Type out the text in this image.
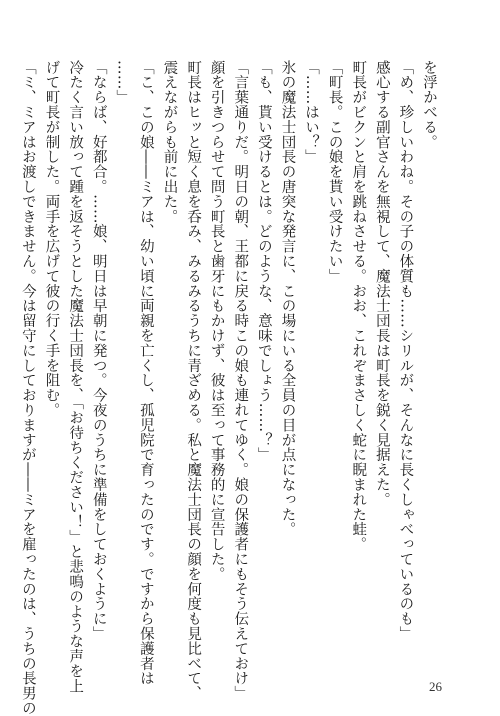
を浮かべる。
「め、珍しいわね。その子の体質も……シリルが、そんなに長くしゃべっているのも」
感心する副官さんを無視して、魔法士団長は町長を鋭く見据えた。
町長がビクンと肩を跳ねさせる。おお、これぞまさしく蛇に睨まれた蛙。
「町長。この娘を貰い受けたい」
「……はい？」
氷の魔法士団長の唐突な発言に、この場にいる全員の目が点になった。
「も、貰い受けるとは。どのような、意味でしょう……？」
「言葉通りだ。明日の朝、王都に戻る時この娘も連れてゆく。娘の保護者にもそう伝えておけ」
顔を引きつらせて問う町長と歯牙にもかけず、彼は至って事務的に宣告した。
町長はヒッと短く息を呑み、みるみるうちに青ざめる。私と魔法士団長の顔を何度も見比べて、
震えながらも前に出た。
「こ、この娘――ミアは、幼い頃に両親を亡くし、孤児院で育ったのです。ですから保護者は
……」
「ならば、好都合。……娘、明日は早朝に発つ。今夜のうちに準備をしておくように」
冷たく言い放って踵を返そうとした魔法士団長を、「お待ちください！」と悲鳴のような声を上
げて町長が制した。両手を広げて彼の行く手を阻む。
「ミ、ミアはお渡しできません。今は留守にしておりますが――ミアを雇ったのは、うちの長男の	26
